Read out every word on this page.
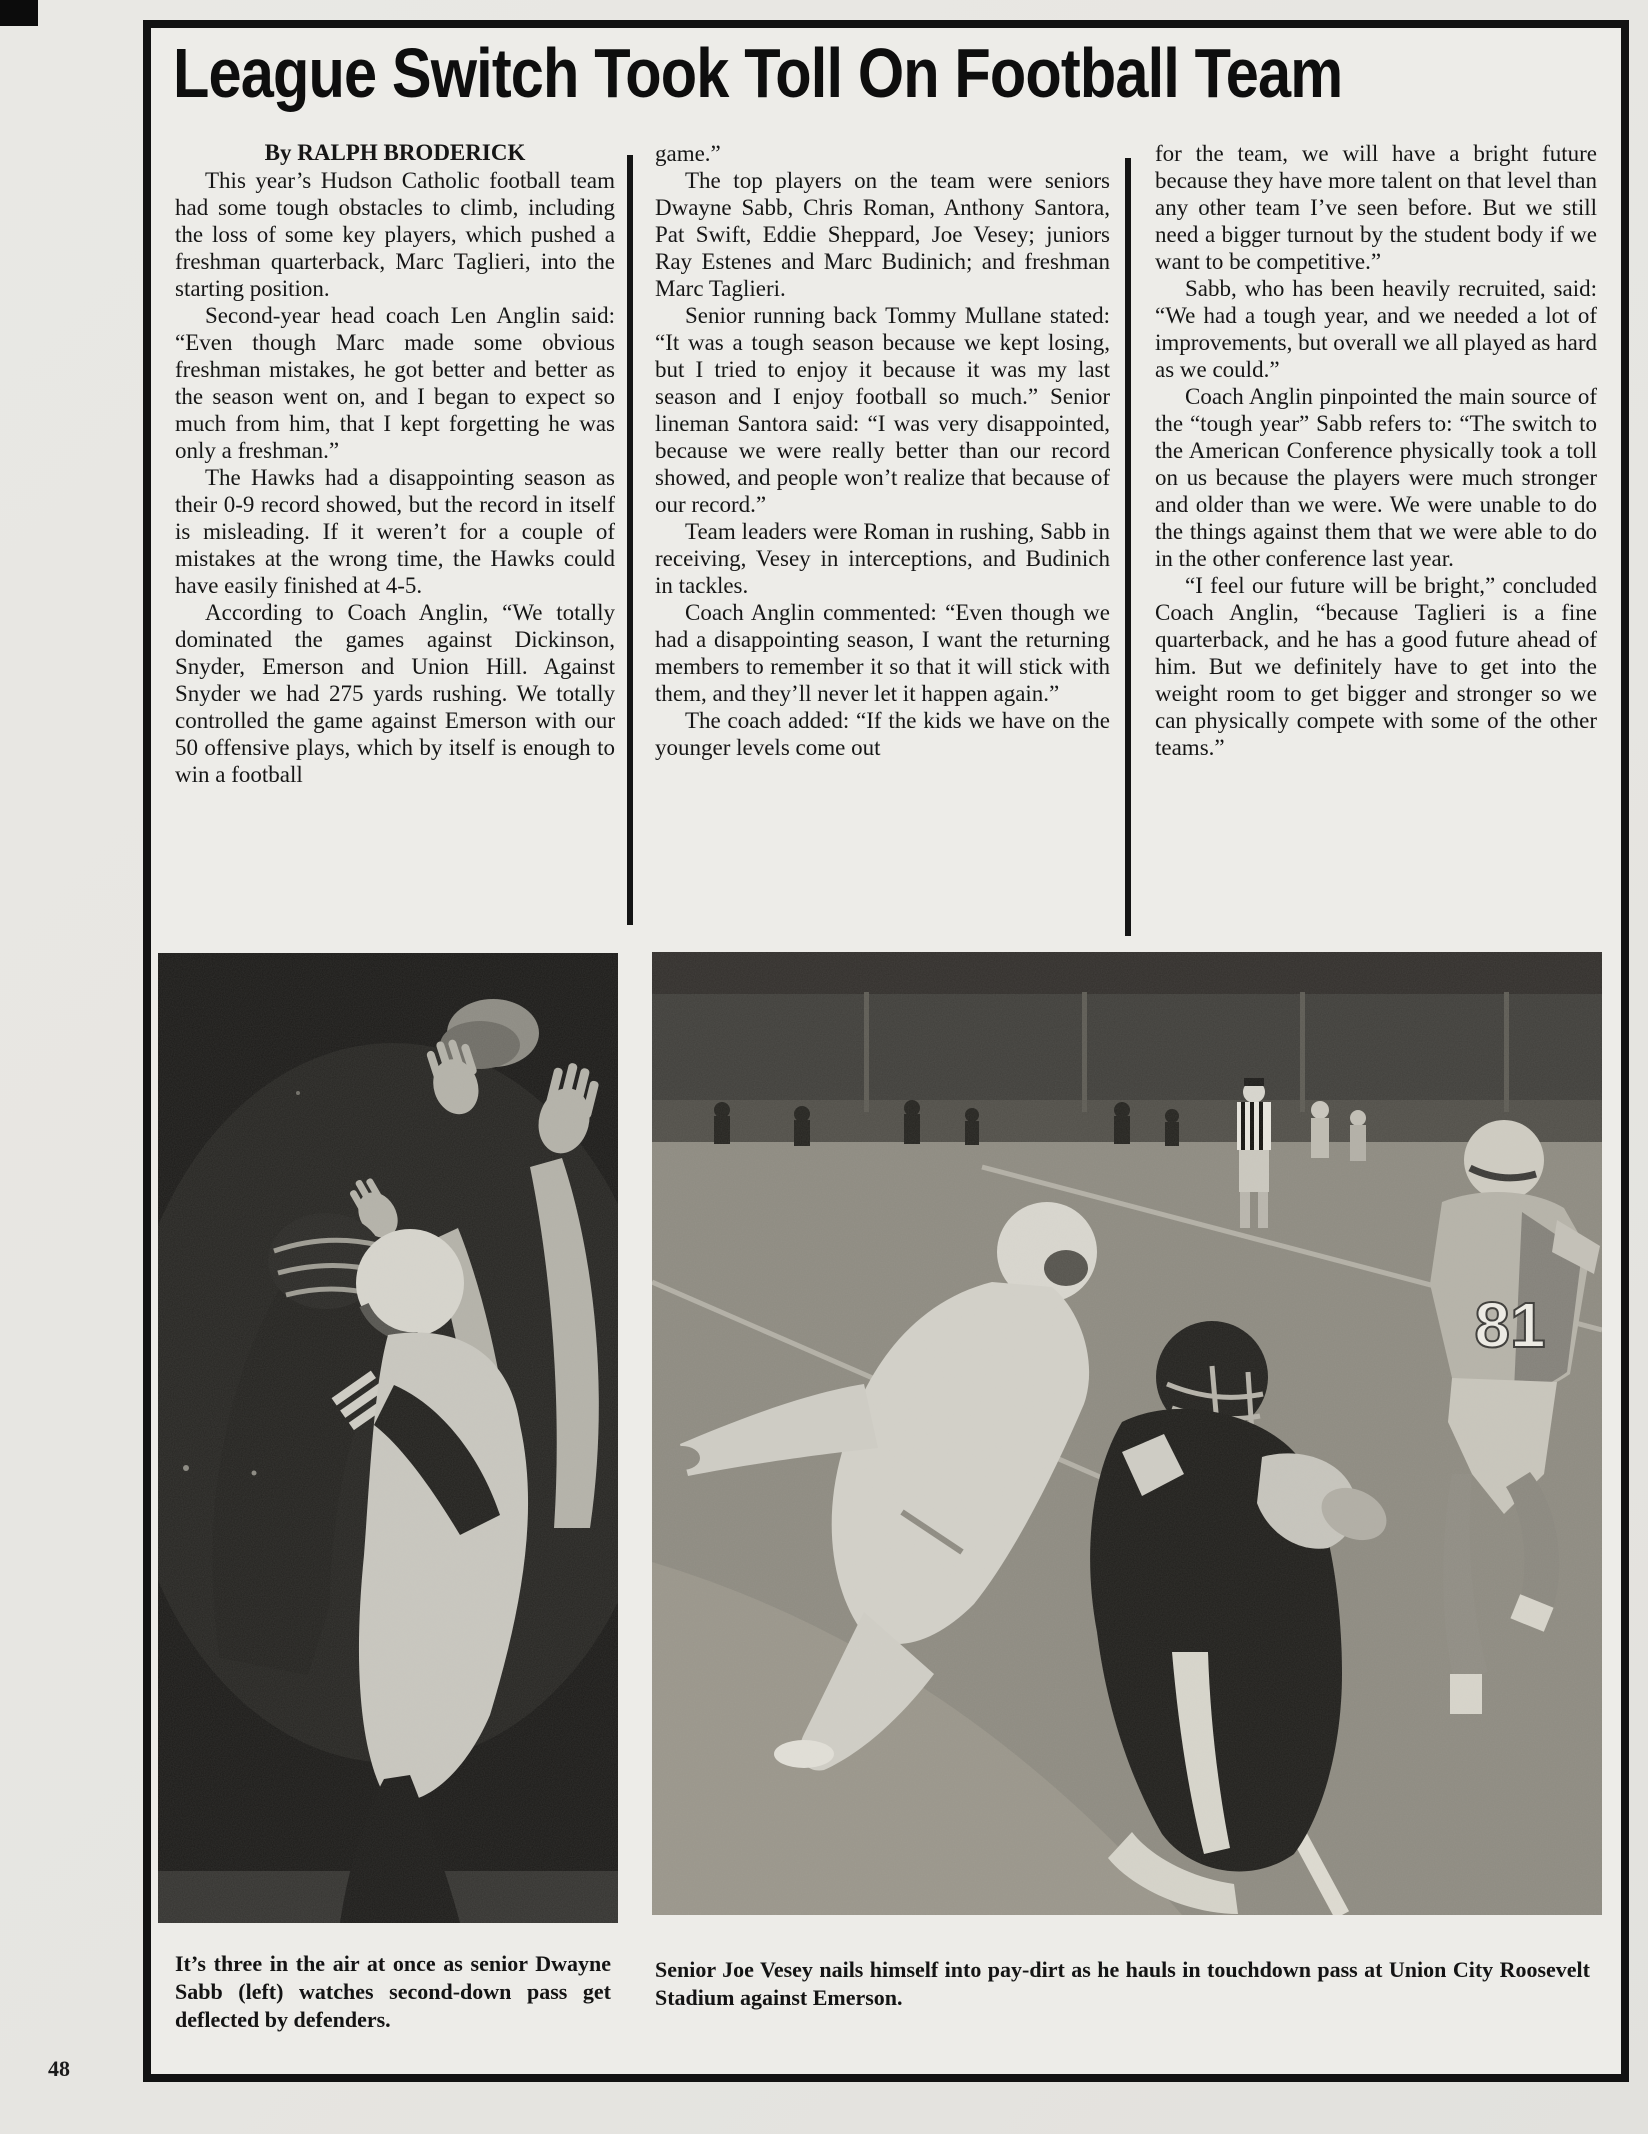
League Switch Took Toll On Football Team

By RALPH BRODERICK

This year’s Hudson Catholic football team had some tough obstacles to climb, including the loss of some key players, which pushed a freshman quarterback, Marc Taglieri, into the starting position.

Second-year head coach Len Anglin said: “Even though Marc made some obvious freshman mistakes, he got better and better as the season went on, and I began to expect so much from him, that I kept forgetting he was only a freshman.”

The Hawks had a disappointing season as their 0-9 record showed, but the record in itself is misleading. If it weren’t for a couple of mistakes at the wrong time, the Hawks could have easily finished at 4-5.

According to Coach Anglin, “We totally dominated the games against Dickinson, Snyder, Emerson and Union Hill. Against Snyder we had 275 yards rushing. We totally controlled the game against Emerson with our 50 offensive plays, which by itself is enough to win a football

game.”

The top players on the team were seniors Dwayne Sabb, Chris Roman, Anthony Santora, Pat Swift, Eddie Sheppard, Joe Vesey; juniors Ray Estenes and Marc Budinich; and freshman Marc Taglieri.

Senior running back Tommy Mullane stated: “It was a tough season because we kept losing, but I tried to enjoy it because it was my last season and I enjoy football so much.” Senior lineman Santora said: “I was very disappointed, because we were really better than our record showed, and people won’t realize that because of our record.”

Team leaders were Roman in rushing, Sabb in receiving, Vesey in interceptions, and Budinich in tackles.

Coach Anglin commented: “Even though we had a disappointing season, I want the returning members to remember it so that it will stick with them, and they’ll never let it happen again.”

The coach added: “If the kids we have on the younger levels come out

for the team, we will have a bright future because they have more talent on that level than any other team I’ve seen before. But we still need a bigger turnout by the student body if we want to be competitive.”

Sabb, who has been heavily recruited, said: “We had a tough year, and we needed a lot of improvements, but overall we all played as hard as we could.”

Coach Anglin pinpointed the main source of the “tough year” Sabb refers to: “The switch to the American Conference physically took a toll on us because the players were much stronger and older than we were. We were unable to do the things against them that we were able to do in the other conference last year.

“I feel our future will be bright,” concluded Coach Anglin, “because Taglieri is a fine quarterback, and he has a good future ahead of him. But we definitely have to get into the weight room to get bigger and stronger so we can physically compete with some of the other teams.”

It’s three in the air at once as senior Dwayne Sabb (left) watches second-down pass get deflected by defenders.
Senior Joe Vesey nails himself into pay-dirt as he hauls in touchdown pass at Union City Roosevelt Stadium against Emerson.
48
